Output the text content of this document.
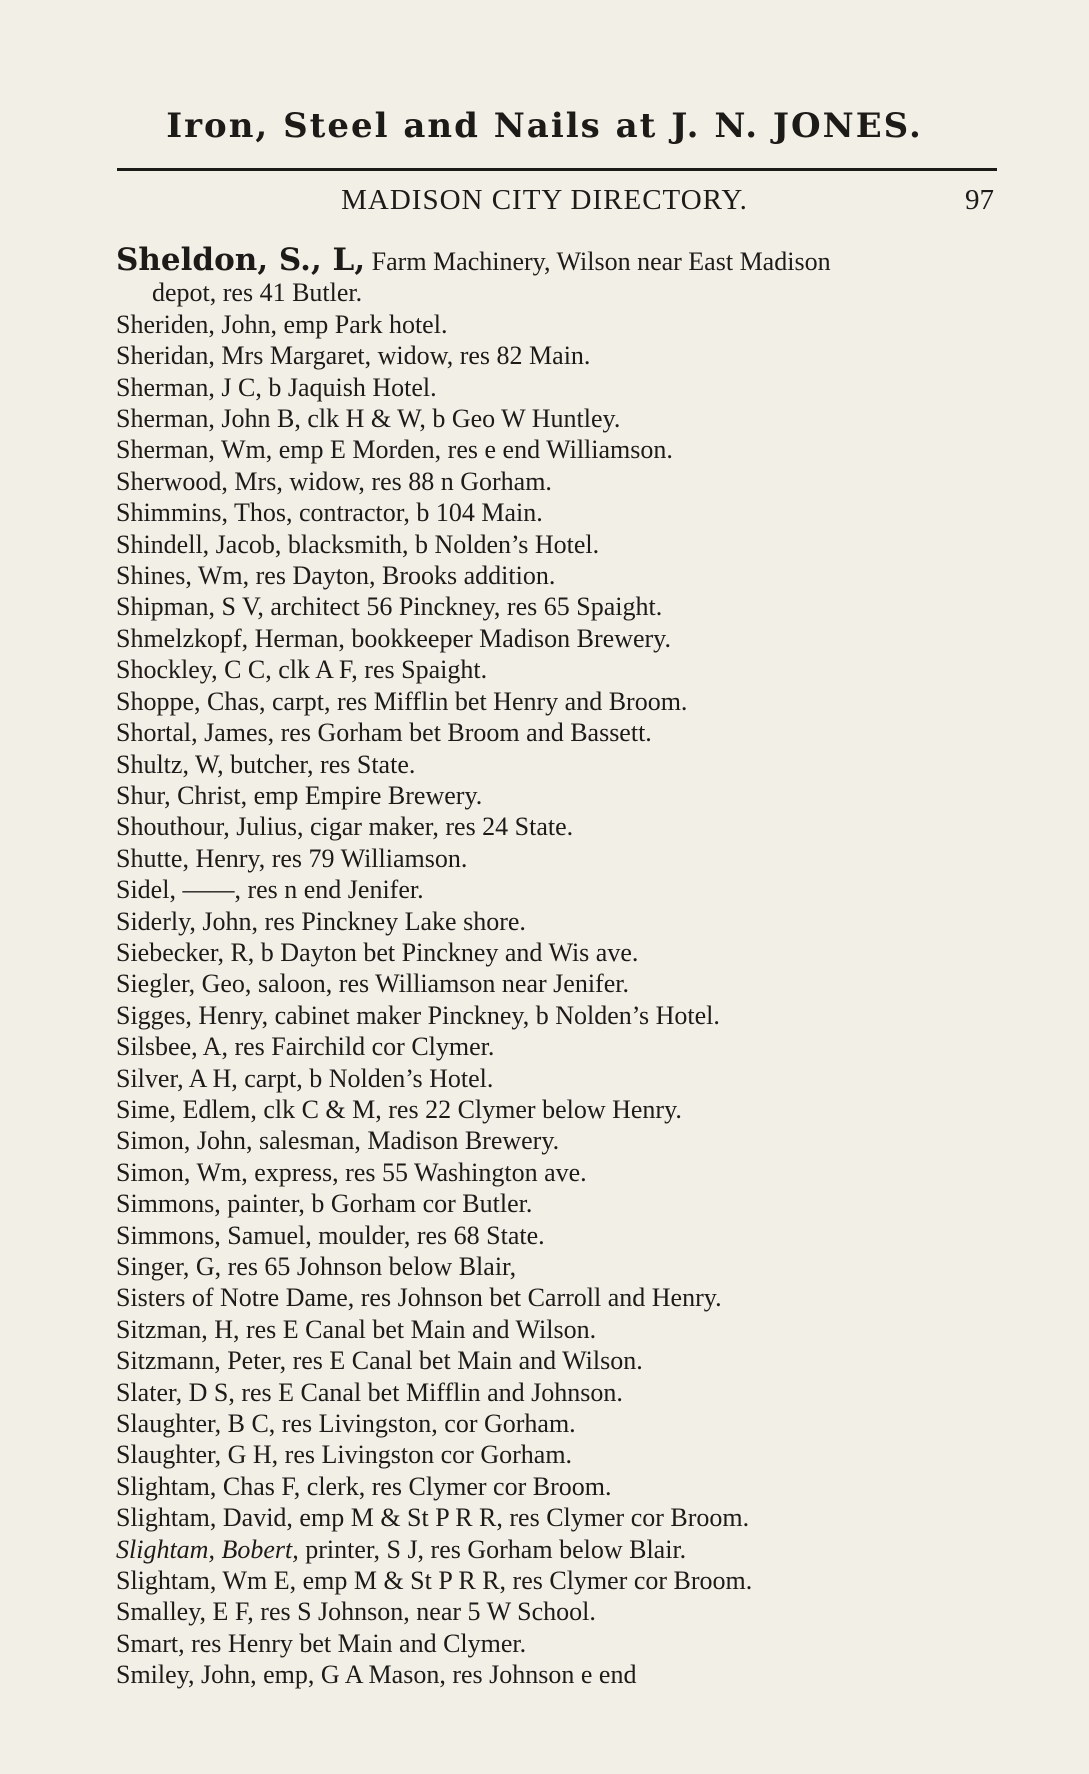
Iron, Steel and Nails at J. N. JONES.
MADISON CITY DIRECTORY.	97
Sheldon, S., L, Farm Machinery, Wilson near East Madison
depot, res 41 Butler.
Sheriden, John, emp Park hotel.
Sheridan, Mrs Margaret, widow, res 82 Main.
Sherman, J C, b Jaquish Hotel.
Sherman, John B, clk H & W, b Geo W Huntley.
Sherman, Wm, emp E Morden, res e end Williamson.
Sherwood, Mrs, widow, res 88 n Gorham.
Shimmins, Thos, contractor, b 104 Main.
Shindell, Jacob, blacksmith, b Nolden’s Hotel.
Shines, Wm, res Dayton, Brooks addition.
Shipman, S V, architect 56 Pinckney, res 65 Spaight.
Shmelzkopf, Herman, bookkeeper Madison Brewery.
Shockley, C C, clk A F, res Spaight.
Shoppe, Chas, carpt, res Mifflin bet Henry and Broom.
Shortal, James, res Gorham bet Broom and Bassett.
Shultz, W, butcher, res State.
Shur, Christ, emp Empire Brewery.
Shouthour, Julius, cigar maker, res 24 State.
Shutte, Henry, res 79 Williamson.
Sidel, ——, res n end Jenifer.
Siderly, John, res Pinckney Lake shore.
Siebecker, R, b Dayton bet Pinckney and Wis ave.
Siegler, Geo, saloon, res Williamson near Jenifer.
Sigges, Henry, cabinet maker Pinckney, b Nolden’s Hotel.
Silsbee, A, res Fairchild cor Clymer.
Silver, A H, carpt, b Nolden’s Hotel.
Sime, Edlem, clk C & M, res 22 Clymer below Henry.
Simon, John, salesman, Madison Brewery.
Simon, Wm, express, res 55 Washington ave.
Simmons, painter, b Gorham cor Butler.
Simmons, Samuel, moulder, res 68 State.
Singer, G, res 65 Johnson below Blair,
Sisters of Notre Dame, res Johnson bet Carroll and Henry.
Sitzman, H, res E Canal bet Main and Wilson.
Sitzmann, Peter, res E Canal bet Main and Wilson.
Slater, D S, res E Canal bet Mifflin and Johnson.
Slaughter, B C, res Livingston, cor Gorham.
Slaughter, G H, res Livingston cor Gorham.
Slightam, Chas F, clerk, res Clymer cor Broom.
Slightam, David, emp M & St P R R, res Clymer cor Broom.
Slightam, Bobert, printer, S J, res Gorham below Blair.
Slightam, Wm E, emp M & St P R R, res Clymer cor Broom.
Smalley, E F, res S Johnson, near 5 W School.
Smart, res Henry bet Main and Clymer.
Smiley, John, emp, G A Mason, res Johnson e end
